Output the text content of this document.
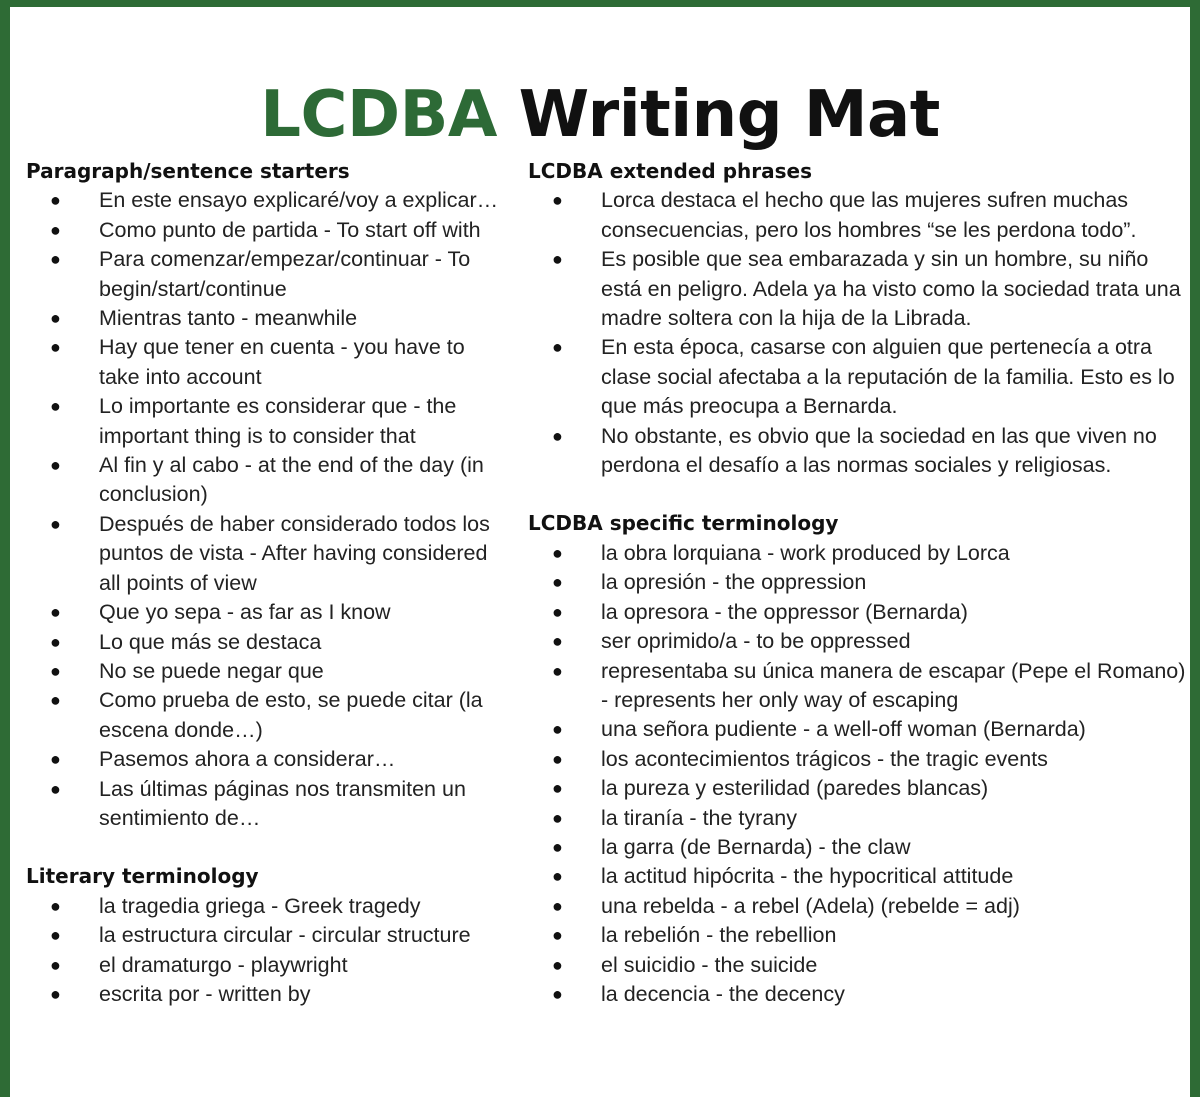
LCDBA Writing Mat
Paragraph/sentence starters
● En este ensayo explicaré/voy a explicar…
● Como punto de partida - To start off with
● Para comenzar/empezar/continuar - To begin/start/continue
● Mientras tanto - meanwhile
● Hay que tener en cuenta - you have to take into account
● Lo importante es considerar que - the important thing is to consider that
● Al fin y al cabo - at the end of the day (in conclusion)
● Después de haber considerado todos los puntos de vista - After having considered all points of view
● Que yo sepa - as far as I know
● Lo que más se destaca
● No se puede negar que
● Como prueba de esto, se puede citar (la escena donde…)
● Pasemos ahora a considerar…
● Las últimas páginas nos transmiten un sentimiento de…
Literary terminology
● la tragedia griega - Greek tragedy
● la estructura circular - circular structure
● el dramaturgo - playwright
● escrita por - written by
LCDBA extended phrases
● Lorca destaca el hecho que las mujeres sufren muchas consecuencias, pero los hombres “se les perdona todo”.
● Es posible que sea embarazada y sin un hombre, su niño está en peligro. Adela ya ha visto como la sociedad trata una madre soltera con la hija de la Librada.
● En esta época, casarse con alguien que pertenecía a otra clase social afectaba a la reputación de la familia. Esto es lo que más preocupa a Bernarda.
● No obstante, es obvio que la sociedad en las que viven no perdona el desafío a las normas sociales y religiosas.
LCDBA specific terminology
● la obra lorquiana - work produced by Lorca
● la opresión - the oppression
● la opresora - the oppressor (Bernarda)
● ser oprimido/a - to be oppressed
● representaba su única manera de escapar (Pepe el Romano) - represents her only way of escaping
● una señora pudiente - a well-off woman (Bernarda)
● los acontecimientos trágicos - the tragic events
● la pureza y esterilidad (paredes blancas)
● la tiranía - the tyrany
● la garra (de Bernarda) - the claw
● la actitud hipócrita - the hypocritical attitude
● una rebelda - a rebel (Adela) (rebelde = adj)
● la rebelión - the rebellion
● el suicidio - the suicide
● la decencia - the decency
